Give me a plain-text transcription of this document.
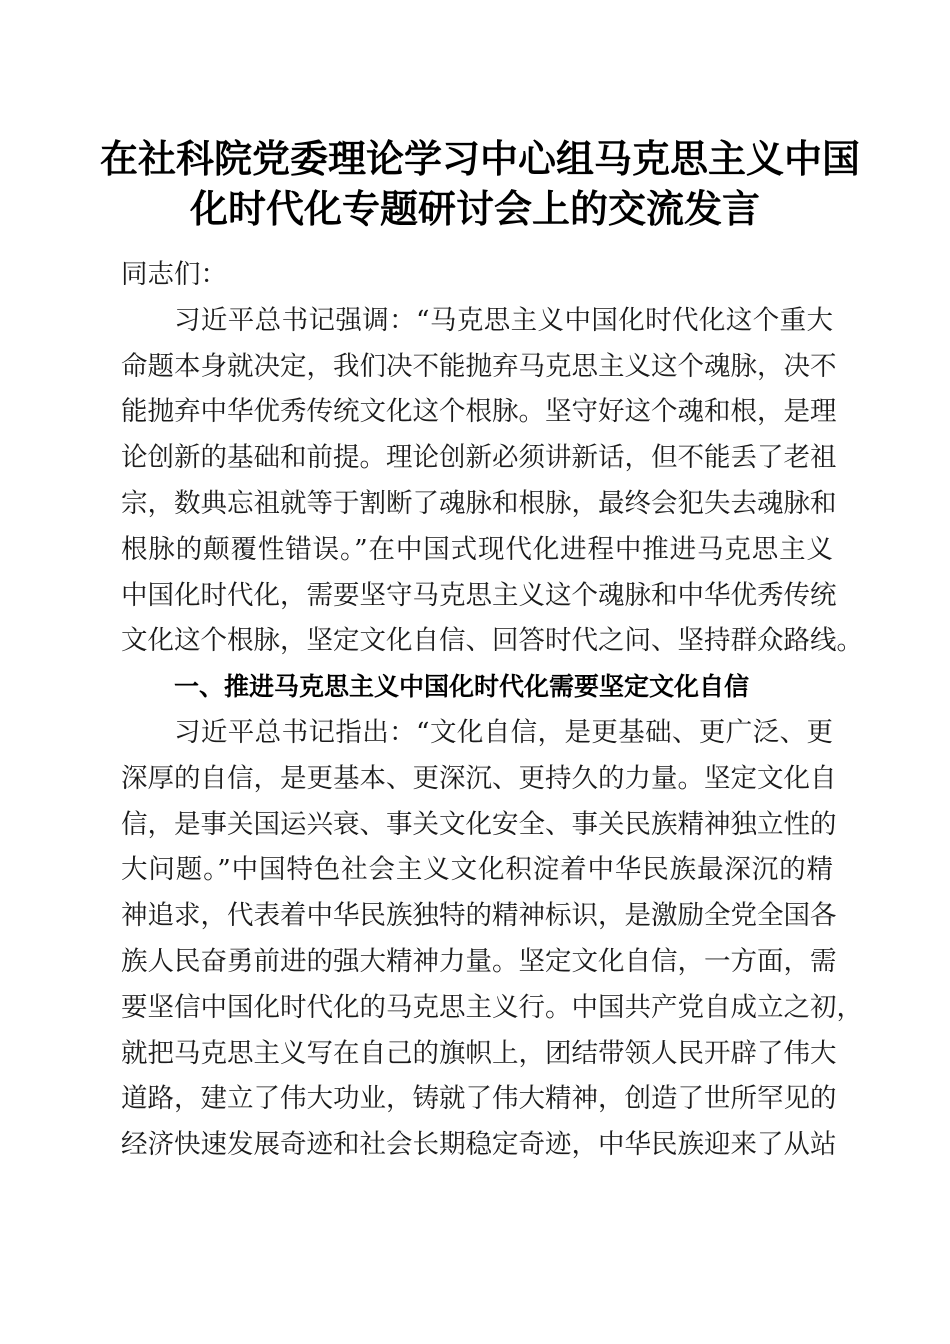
在社科院党委理论学习中心组马克思主义中国
化时代化专题研讨会上的交流发言
同志们：
习近平总书记强调：“马克思主义中国化时代化这个重大
命题本身就决定，我们决不能抛弃马克思主义这个魂脉，决不
能抛弃中华优秀传统文化这个根脉。坚守好这个魂和根，是理
论创新的基础和前提。理论创新必须讲新话，但不能丢了老祖
宗，数典忘祖就等于割断了魂脉和根脉，最终会犯失去魂脉和
根脉的颠覆性错误。”在中国式现代化进程中推进马克思主义
中国化时代化，需要坚守马克思主义这个魂脉和中华优秀传统
文化这个根脉，坚定文化自信、回答时代之问、坚持群众路线。
一、推进马克思主义中国化时代化需要坚定文化自信
习近平总书记指出：“文化自信，是更基础、更广泛、更
深厚的自信，是更基本、更深沉、更持久的力量。坚定文化自
信，是事关国运兴衰、事关文化安全、事关民族精神独立性的
大问题。”中国特色社会主义文化积淀着中华民族最深沉的精
神追求，代表着中华民族独特的精神标识，是激励全党全国各
族人民奋勇前进的强大精神力量。坚定文化自信，一方面，需
要坚信中国化时代化的马克思主义行。中国共产党自成立之初，
就把马克思主义写在自己的旗帜上，团结带领人民开辟了伟大
道路，建立了伟大功业，铸就了伟大精神，创造了世所罕见的
经济快速发展奇迹和社会长期稳定奇迹，中华民族迎来了从站
